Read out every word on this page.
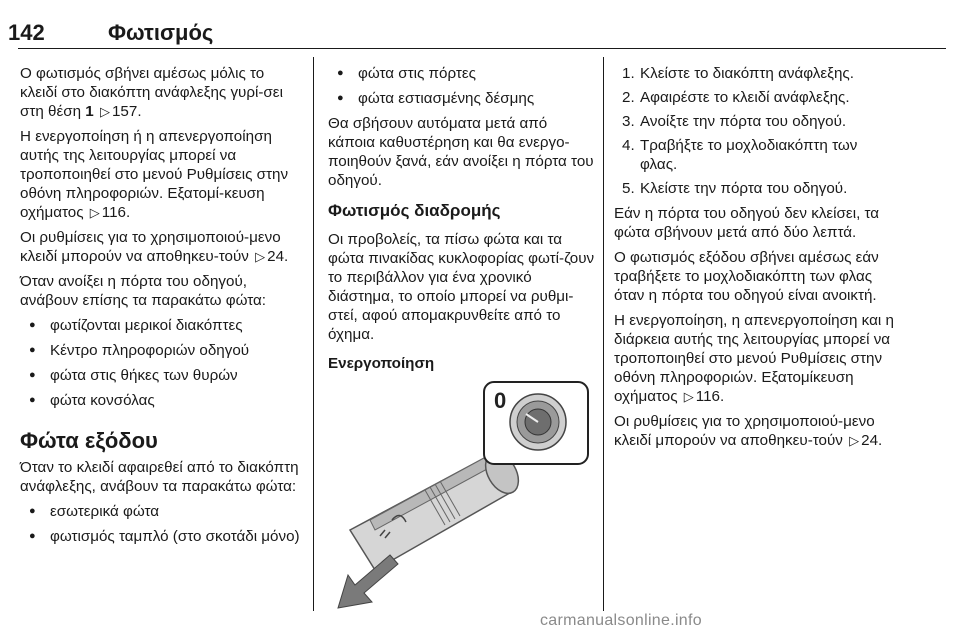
142	Φωτισμός

Ο φωτισμός σβήνει αμέσως μόλις το κλειδί στο διακόπτη ανάφλεξης γυρί‐σει στη θέση 1 ▷ 157.

Η ενεργοποίηση ή η απενεργοποίηση αυτής της λειτουργίας μπορεί να τροποποιηθεί στο μενού Ρυθμίσεις στην οθόνη πληροφοριών. Εξατομί‐κευση οχήματος ▷ 116.

Οι ρυθμίσεις για το χρησιμοποιού‐μενο κλειδί μπορούν να αποθηκευ‐τούν ▷ 24.

Όταν ανοίξει η πόρτα του οδηγού, ανάβουν επίσης τα παρακάτω φώτα:

● φωτίζονται μερικοί διακόπτες
● Κέντρο πληροφοριών οδηγού
● φώτα στις θήκες των θυρών
● φώτα κονσόλας
Φώτα εξόδου

Όταν το κλειδί αφαιρεθεί από το διακόπτη ανάφλεξης, ανάβουν τα παρακάτω φώτα:

● εσωτερικά φώτα
● φωτισμός ταμπλό (στο σκοτάδι μόνο)
● φώτα στις πόρτες
● φώτα εστιασμένης δέσμης

Θα σβήσουν αυτόματα μετά από κάποια καθυστέρηση και θα ενεργο‐ποιηθούν ξανά, εάν ανοίξει η πόρτα του οδηγού.

Φωτισμός διαδρομής

Οι προβολείς, τα πίσω φώτα και τα φώτα πινακίδας κυκλοφορίας φωτί‐ζουν το περιβάλλον για ένα χρονικό διάστημα, το οποίο μπορεί να ρυθμι‐στεί, αφού απομακρυνθείτε από το όχημα.

Ενεργοποίηση
0
1. Κλείστε το διακόπτη ανάφλεξης.
2. Αφαιρέστε το κλειδί ανάφλεξης.
3. Ανοίξτε την πόρτα του οδηγού.
4. Τραβήξτε το μοχλοδιακόπτη των φλας.
5. Κλείστε την πόρτα του οδηγού.

Εάν η πόρτα του οδηγού δεν κλείσει, τα φώτα σβήνουν μετά από δύο λεπτά.

Ο φωτισμός εξόδου σβήνει αμέσως εάν τραβήξετε το μοχλοδιακόπτη των φλας όταν η πόρτα του οδηγού είναι ανοικτή.

Η ενεργοποίηση, η απενεργοποίηση και η διάρκεια αυτής της λειτουργίας μπορεί να τροποποιηθεί στο μενού Ρυθμίσεις στην οθόνη πληροφοριών. Εξατομίκευση οχήματος ▷ 116.

Οι ρυθμίσεις για το χρησιμοποιού‐μενο κλειδί μπορούν να αποθηκευ‐τούν ▷ 24.

carmanualsonline.info
